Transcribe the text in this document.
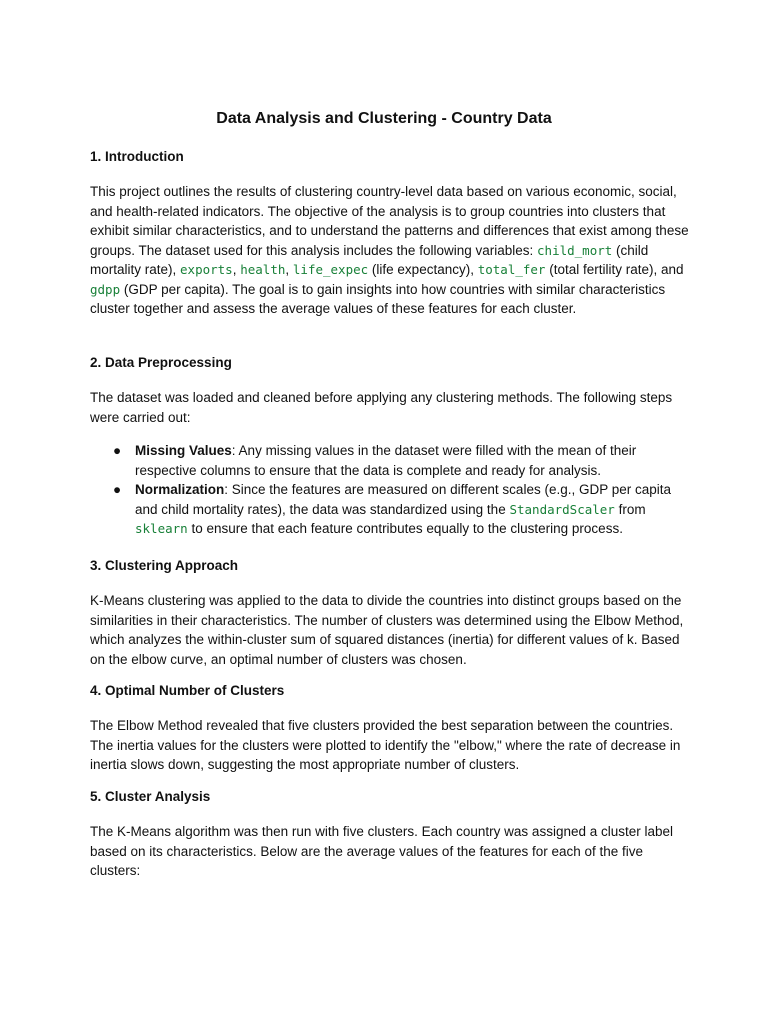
Data Analysis and Clustering - Country Data
1. Introduction

This project outlines the results of clustering country-level data based on various economic, social, and health-related indicators. The objective of the analysis is to group countries into clusters that exhibit similar characteristics, and to understand the patterns and differences that exist among these groups. The dataset used for this analysis includes the following variables: child_mort (child mortality rate), exports, health, life_expec (life expectancy), total_fer (total fertility rate), and gdpp (GDP per capita). The goal is to gain insights into how countries with similar characteristics cluster together and assess the average values of these features for each cluster.

2. Data Preprocessing

The dataset was loaded and cleaned before applying any clustering methods. The following steps were carried out:

● Missing Values: Any missing values in the dataset were filled with the mean of their respective columns to ensure that the data is complete and ready for analysis.
● Normalization: Since the features are measured on different scales (e.g., GDP per capita and child mortality rates), the data was standardized using the StandardScaler from sklearn to ensure that each feature contributes equally to the clustering process.
3. Clustering Approach

K-Means clustering was applied to the data to divide the countries into distinct groups based on the similarities in their characteristics. The number of clusters was determined using the Elbow Method, which analyzes the within-cluster sum of squared distances (inertia) for different values of k. Based on the elbow curve, an optimal number of clusters was chosen.

4. Optimal Number of Clusters

The Elbow Method revealed that five clusters provided the best separation between the countries. The inertia values for the clusters were plotted to identify the "elbow," where the rate of decrease in inertia slows down, suggesting the most appropriate number of clusters.

5. Cluster Analysis

The K-Means algorithm was then run with five clusters. Each country was assigned a cluster label based on its characteristics. Below are the average values of the features for each of the five clusters:
